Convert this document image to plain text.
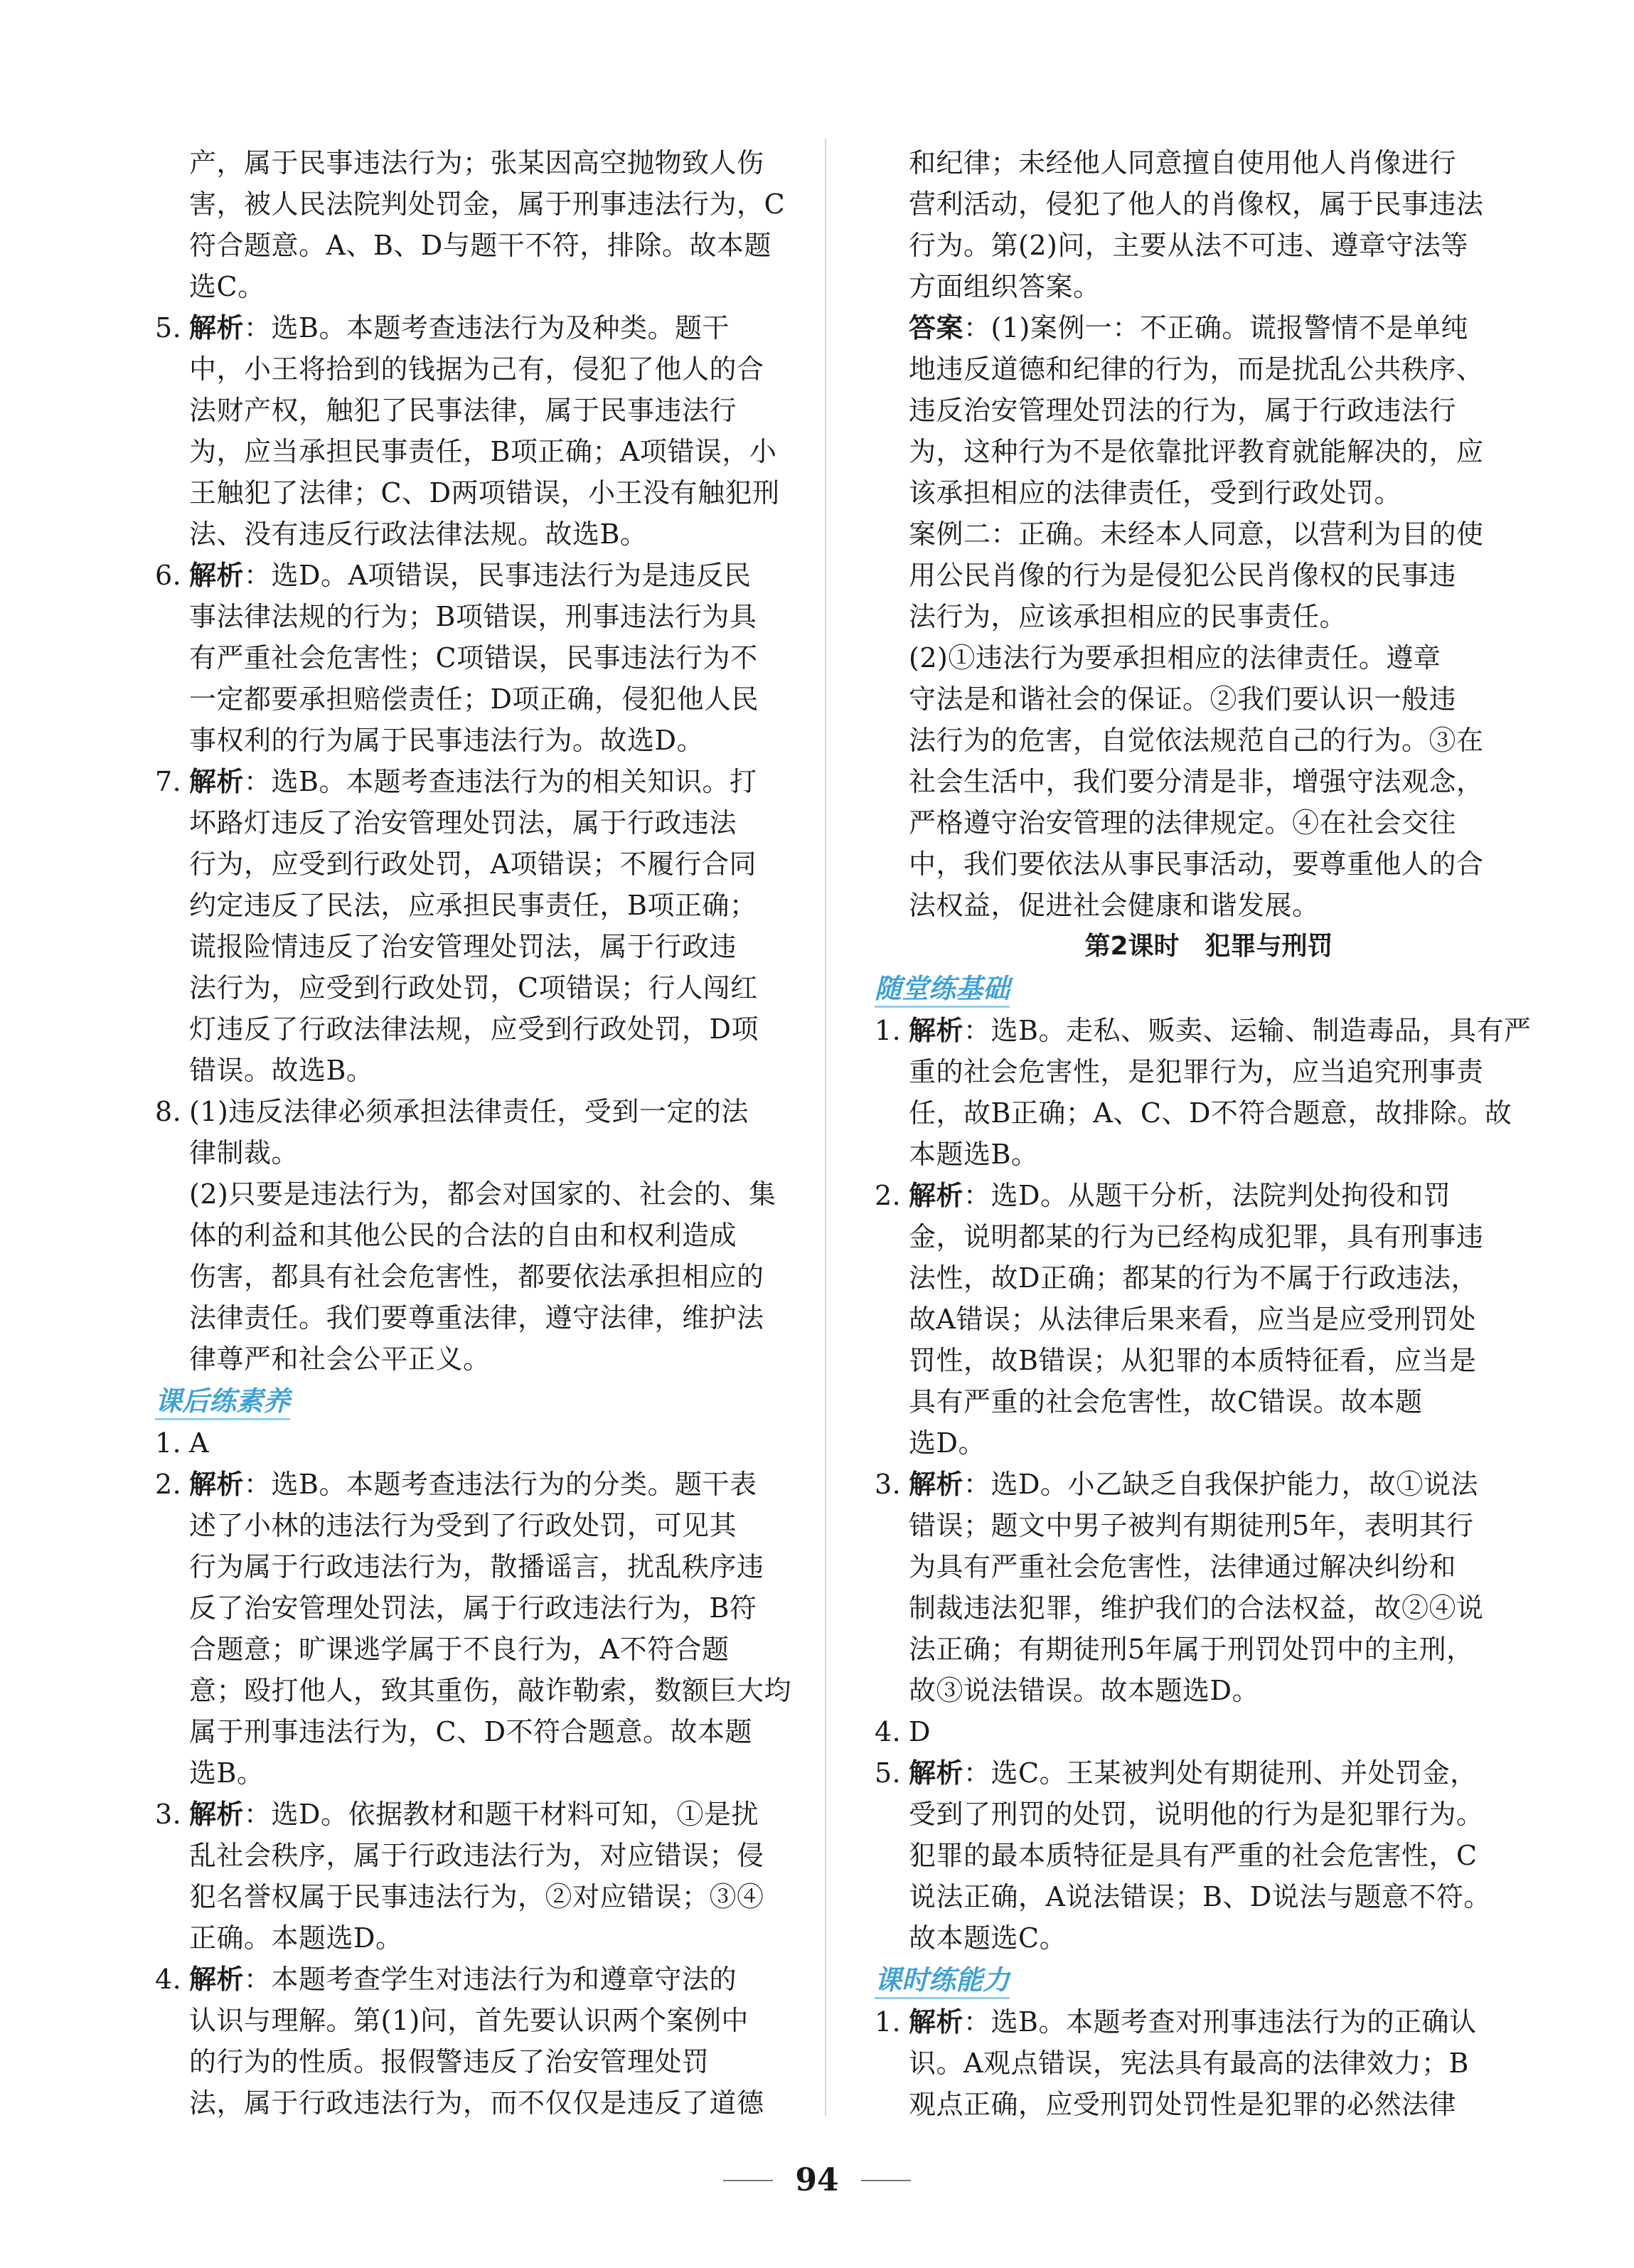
产，属于民事违法行为；张某因高空抛物致人伤
害，被人民法院判处罚金，属于刑事违法行为，C
符合题意。A、B、D与题干不符，排除。故本题
选C。
5. 解析：选B。本题考查违法行为及种类。题干
中，小王将拾到的钱据为己有，侵犯了他人的合
法财产权，触犯了民事法律，属于民事违法行
为，应当承担民事责任，B项正确；A项错误，小
王触犯了法律；C、D两项错误，小王没有触犯刑
法、没有违反行政法律法规。故选B。
6. 解析：选D。A项错误，民事违法行为是违反民
事法律法规的行为；B项错误，刑事违法行为具
有严重社会危害性；C项错误，民事违法行为不
一定都要承担赔偿责任；D项正确，侵犯他人民
事权利的行为属于民事违法行为。故选D。
7. 解析：选B。本题考查违法行为的相关知识。打
坏路灯违反了治安管理处罚法，属于行政违法
行为，应受到行政处罚，A项错误；不履行合同
约定违反了民法，应承担民事责任，B项正确；
谎报险情违反了治安管理处罚法，属于行政违
法行为，应受到行政处罚，C项错误；行人闯红
灯违反了行政法律法规，应受到行政处罚，D项
错误。故选B。
8. (1)违反法律必须承担法律责任，受到一定的法
律制裁。
(2)只要是违法行为，都会对国家的、社会的、集
体的利益和其他公民的合法的自由和权利造成
伤害，都具有社会危害性，都要依法承担相应的
法律责任。我们要尊重法律，遵守法律，维护法
律尊严和社会公平正义。
课后练素养
1. A
2. 解析：选B。本题考查违法行为的分类。题干表
述了小林的违法行为受到了行政处罚，可见其
行为属于行政违法行为，散播谣言，扰乱秩序违
反了治安管理处罚法，属于行政违法行为，B符
合题意；旷课逃学属于不良行为，A不符合题
意；殴打他人，致其重伤，敲诈勒索，数额巨大均
属于刑事违法行为，C、D不符合题意。故本题
选B。
3. 解析：选D。依据教材和题干材料可知，①是扰
乱社会秩序，属于行政违法行为，对应错误；侵
犯名誉权属于民事违法行为，②对应错误；③④
正确。本题选D。
4. 解析：本题考查学生对违法行为和遵章守法的
认识与理解。第(1)问，首先要认识两个案例中
的行为的性质。报假警违反了治安管理处罚
法，属于行政违法行为，而不仅仅是违反了道德
和纪律；未经他人同意擅自使用他人肖像进行
营利活动，侵犯了他人的肖像权，属于民事违法
行为。第(2)问，主要从法不可违、遵章守法等
方面组织答案。
答案：(1)案例一：不正确。谎报警情不是单纯
地违反道德和纪律的行为，而是扰乱公共秩序、
违反治安管理处罚法的行为，属于行政违法行
为，这种行为不是依靠批评教育就能解决的，应
该承担相应的法律责任，受到行政处罚。
案例二：正确。未经本人同意，以营利为目的使
用公民肖像的行为是侵犯公民肖像权的民事违
法行为，应该承担相应的民事责任。
(2)①违法行为要承担相应的法律责任。遵章
守法是和谐社会的保证。②我们要认识一般违
法行为的危害，自觉依法规范自己的行为。③在
社会生活中，我们要分清是非，增强守法观念，
严格遵守治安管理的法律规定。④在社会交往
中，我们要依法从事民事活动，要尊重他人的合
法权益，促进社会健康和谐发展。
第2课时　犯罪与刑罚
随堂练基础
1. 解析：选B。走私、贩卖、运输、制造毒品，具有严
重的社会危害性，是犯罪行为，应当追究刑事责
任，故B正确；A、C、D不符合题意，故排除。故
本题选B。
2. 解析：选D。从题干分析，法院判处拘役和罚
金，说明都某的行为已经构成犯罪，具有刑事违
法性，故D正确；都某的行为不属于行政违法，
故A错误；从法律后果来看，应当是应受刑罚处
罚性，故B错误；从犯罪的本质特征看，应当是
具有严重的社会危害性，故C错误。故本题
选D。
3. 解析：选D。小乙缺乏自我保护能力，故①说法
错误；题文中男子被判有期徒刑5年，表明其行
为具有严重社会危害性，法律通过解决纠纷和
制裁违法犯罪，维护我们的合法权益，故②④说
法正确；有期徒刑5年属于刑罚处罚中的主刑，
故③说法错误。故本题选D。
4. D
5. 解析：选C。王某被判处有期徒刑、并处罚金，
受到了刑罚的处罚，说明他的行为是犯罪行为。
犯罪的最本质特征是具有严重的社会危害性，C
说法正确，A说法错误；B、D说法与题意不符。
故本题选C。
课时练能力
1. 解析：选B。本题考查对刑事违法行为的正确认
识。A观点错误，宪法具有最高的法律效力；B
观点正确，应受刑罚处罚性是犯罪的必然法律
94
